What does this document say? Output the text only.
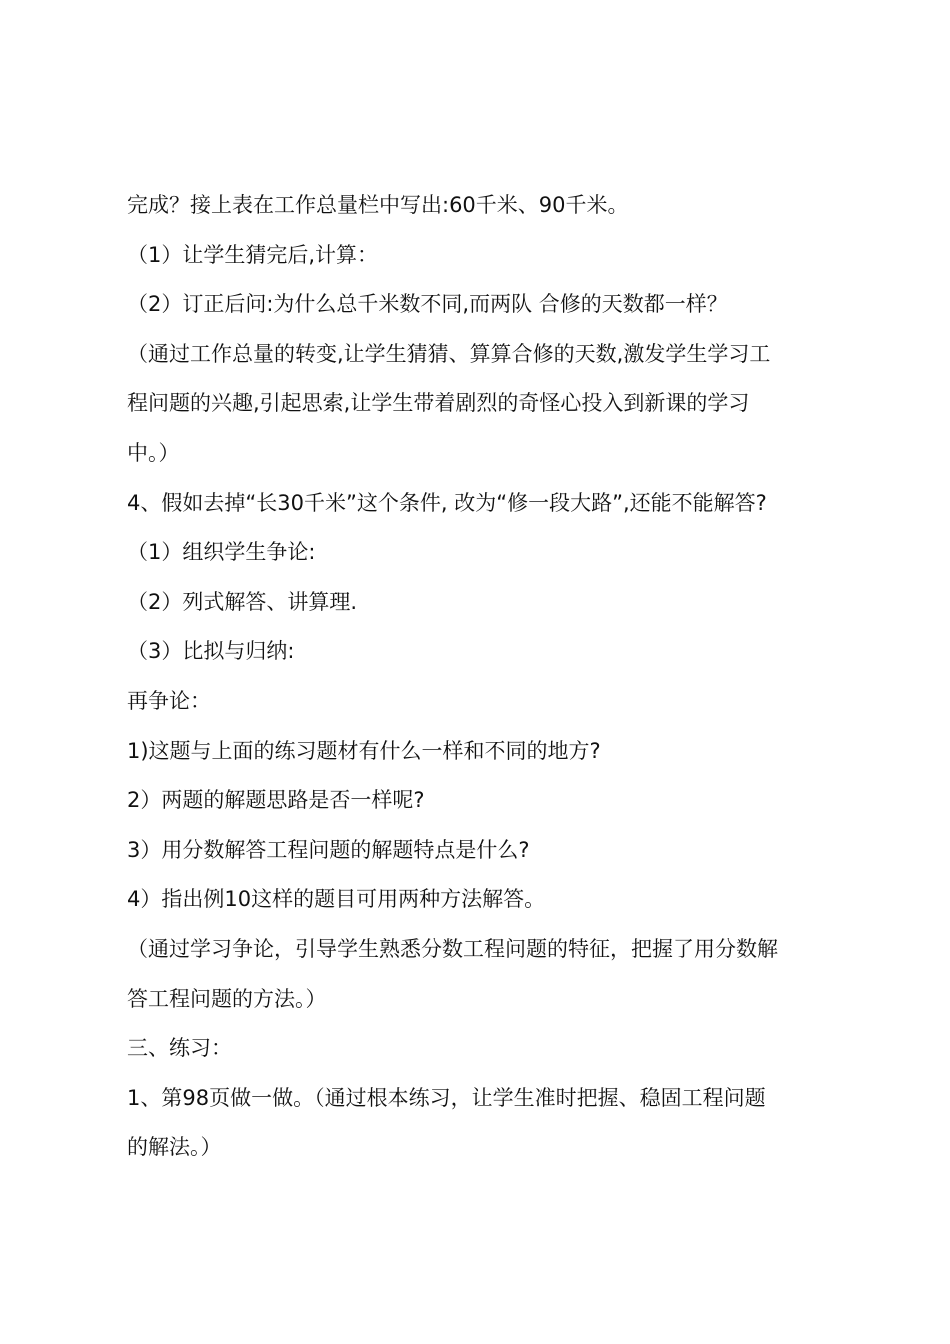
完成？接上表在工作总量栏中写出:60千米、90千米。
（1）让学生猜完后,计算：
（2）订正后问:为什么总千米数不同,而两队 合修的天数都一样？
（通过工作总量的转变,让学生猜猜、算算合修的天数,激发学生学习工
程问题的兴趣,引起思索,让学生带着剧烈的奇怪心投入到新课的学习
中。）
4、假如去掉“长30千米”这个条件, 改为“修一段大路”,还能不能解答?
（1）组织学生争论:
（2）列式解答、讲算理.
（3）比拟与归纳:
再争论：
1)这题与上面的练习题材有什么一样和不同的地方?
2）两题的解题思路是否一样呢?
3）用分数解答工程问题的解题特点是什么?
4）指出例10这样的题目可用两种方法解答。
（通过学习争论，引导学生熟悉分数工程问题的特征，把握了用分数解
答工程问题的方法。）
三、练习：
1、第98页做一做。（通过根本练习，让学生准时把握、稳固工程问题
的解法。）
